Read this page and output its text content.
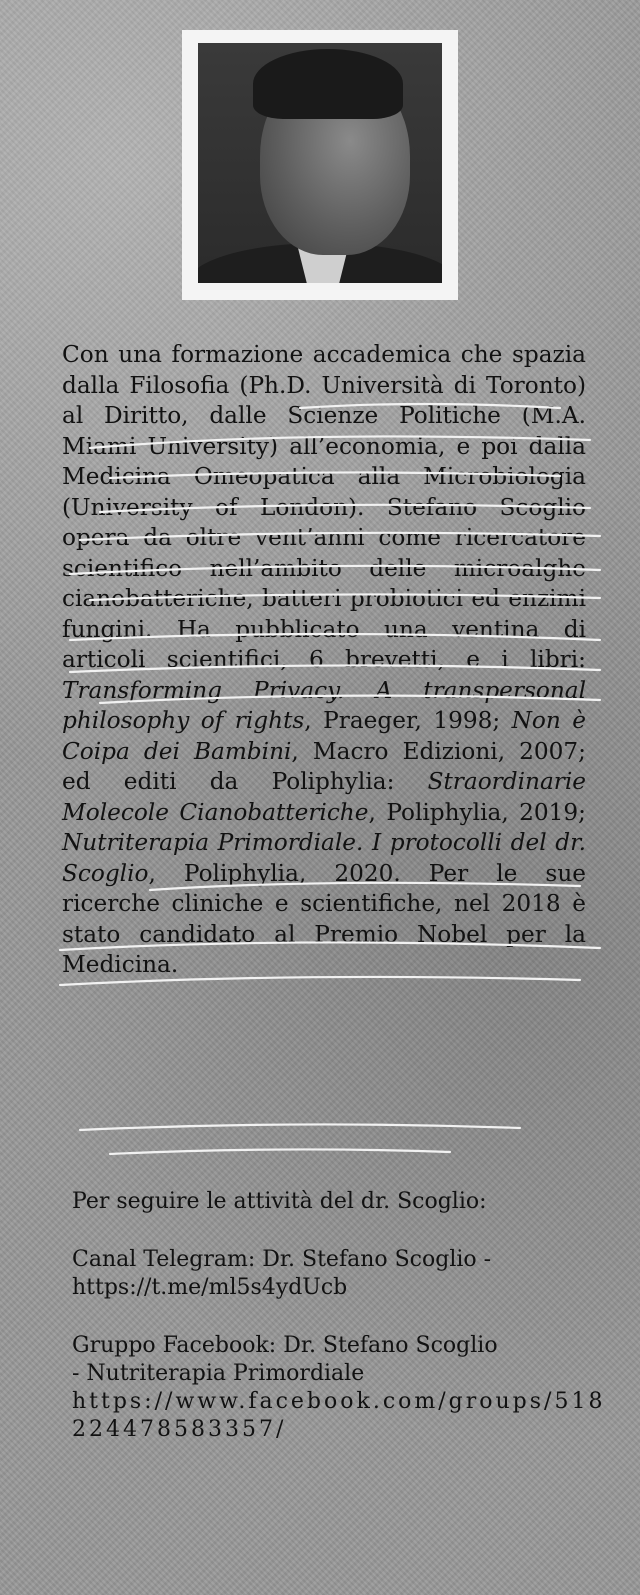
Con una formazione accademica che spazia dalla Filosofia (Ph.D. Università di Toronto) al Diritto, dalle Scienze Politiche (M.A. Miami University) all’economia, e poi dalla Medicina Omeopatica alla Microbiologia (University of London). Stefano Scoglio opera da oltre vent’anni come ricercatore scientifico nell’ambito delle microalghe cianobatteriche, batteri probiotici ed enzimi fungini. Ha pubblicato una ventina di articoli scientifici, 6 brevetti, e i libri: Transforming Privacy. A transpersonal philosophy of rights, Praeger, 1998; Non è Coipa dei Bambini, Macro Edizioni, 2007; ed editi da Poliphylia: Straordinarie Molecole Cianobatteriche, Poliphylia, 2019; Nutriterapia Primordiale. I protocolli del dr. Scoglio, Poliphylia, 2020. Per le sue ricerche cliniche e scientifiche, nel 2018 è stato candidato al Premio Nobel per la Medicina.

Per seguire le attività del dr. Scoglio:

Canal Telegram: Dr. Stefano Scoglio -

https://t.me/ml5s4ydUcb

Gruppo Facebook: Dr. Stefano Scoglio

- Nutriterapia Primordiale

https://www.facebook.com/groups/518224478583357/
